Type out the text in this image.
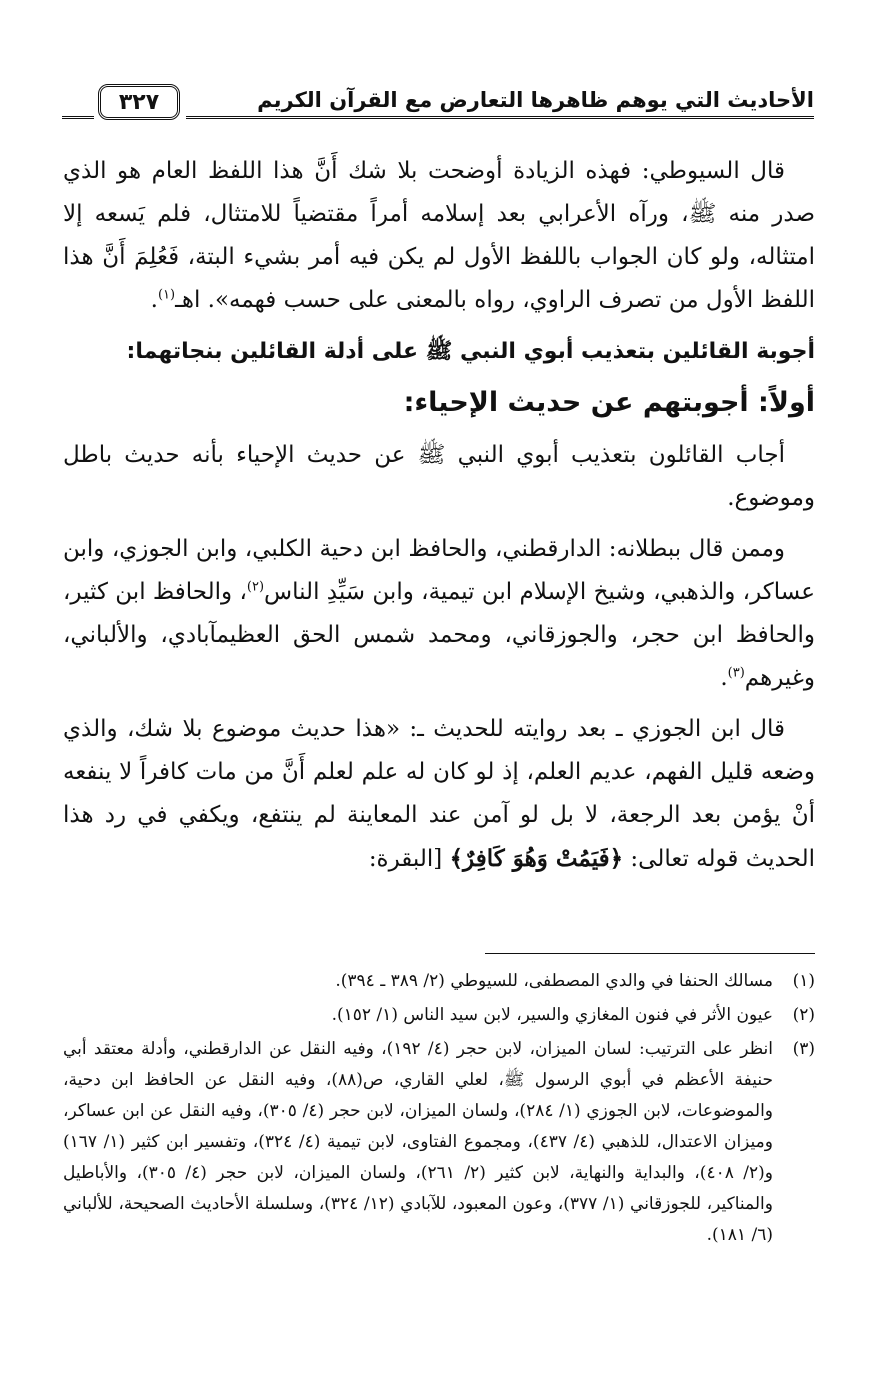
الأحاديث التي يوهم ظاهرها التعارض مع القرآن الكريم
٣٢٧

قال السيوطي: فهذه الزيادة أوضحت بلا شك أَنَّ هذا اللفظ العام هو الذي صدر منه ﷺ، ورآه الأعرابي بعد إسلامه أمراً مقتضياً للامتثال، فلم يَسعه إلا امتثاله، ولو كان الجواب باللفظ الأول لم يكن فيه أمر بشيء البتة، فَعُلِمَ أَنَّ هذا اللفظ الأول من تصرف الراوي، رواه بالمعنى على حسب فهمه». اهـ$^{(١)}$.

أجوبة القائلين بتعذيب أبوي النبي ﷺ على أدلة القائلين بنجاتهما:
أولاً: أجوبتهم عن حديث الإحياء:

أجاب القائلون بتعذيب أبوي النبي ﷺ عن حديث الإحياء بأنه حديث باطل وموضوع.

وممن قال ببطلانه: الدارقطني، والحافظ ابن دحية الكلبي، وابن الجوزي، وابن عساكر، والذهبي، وشيخ الإسلام ابن تيمية، وابن سَيِّدِ الناس$^{(٢)}$، والحافظ ابن كثير، والحافظ ابن حجر، والجوزقاني، ومحمد شمس الحق العظيمآبادي، والألباني، وغيرهم$^{(٣)}$.

قال ابن الجوزي ـ بعد روايته للحديث ـ: «هذا حديث موضوع بلا شك، والذي وضعه قليل الفهم، عديم العلم، إذ لو كان له علم لعلم أَنَّ من مات كافراً لا ينفعه أنْ يؤمن بعد الرجعة، لا بل لو آمن عند المعاينة لم ينتفع، ويكفي في رد هذا الحديث قوله تعالى: ﴿فَيَمُتْ وَهُوَ كَافِرٌ﴾ [البقرة:

(١)
مسالك الحنفا في والدي المصطفى، للسيوطي (٢/ ٣٨٩ ـ ٣٩٤).
(٢)
عيون الأثر في فنون المغازي والسير، لابن سيد الناس (١/ ١٥٢).
(٣)
انظر على الترتيب: لسان الميزان، لابن حجر (٤/ ١٩٢)، وفيه النقل عن الدارقطني، وأدلة معتقد أبي حنيفة الأعظم في أبوي الرسول ﷺ، لعلي القاري، ص(٨٨)، وفيه النقل عن الحافظ ابن دحية، والموضوعات، لابن الجوزي (١/ ٢٨٤)، ولسان الميزان، لابن حجر (٤/ ٣٠٥)، وفيه النقل عن ابن عساكر، وميزان الاعتدال، للذهبي (٤/ ٤٣٧)، ومجموع الفتاوى، لابن تيمية (٤/ ٣٢٤)، وتفسير ابن كثير (١/ ١٦٧) و(٢/ ٤٠٨)، والبداية والنهاية، لابن كثير (٢/ ٢٦١)، ولسان الميزان، لابن حجر (٤/ ٣٠٥)، والأباطيل والمناكير، للجوزقاني (١/ ٣٧٧)، وعون المعبود، للآبادي (١٢/ ٣٢٤)، وسلسلة الأحاديث الصحيحة، للألباني (٦/ ١٨١).
